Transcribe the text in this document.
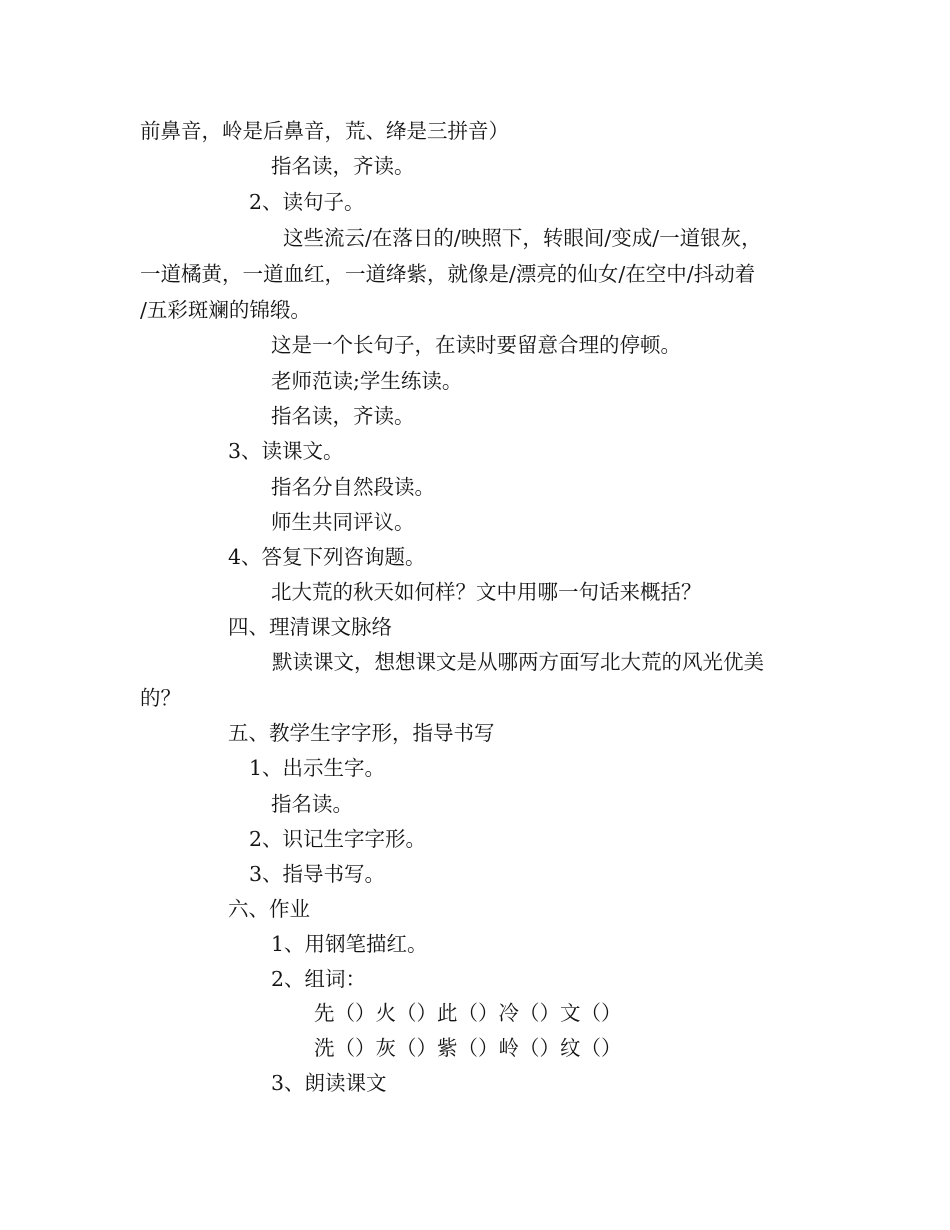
前鼻音，岭是后鼻音，荒、绛是三拼音）
指名读，齐读。
2、读句子。
这些流云/在落日的/映照下，转眼间/变成/一道银灰，
一道橘黄，一道血红，一道绛紫，就像是/漂亮的仙女/在空中/抖动着
/五彩斑斓的锦缎。
这是一个长句子，在读时要留意合理的停顿。
老师范读;学生练读。
指名读，齐读。
3、读课文。
指名分自然段读。
师生共同评议。
4、答复下列咨询题。
北大荒的秋天如何样？文中用哪一句话来概括？
四、理清课文脉络
默读课文，想想课文是从哪两方面写北大荒的风光优美
的？
五、教学生字字形，指导书写
1、出示生字。
指名读。
2、识记生字字形。
3、指导书写。
六、作业
1、用钢笔描红。
2、组词：
先（）火（）此（）冷（）文（）
洗（）灰（）紫（）岭（）纹（）
3、朗读课文
